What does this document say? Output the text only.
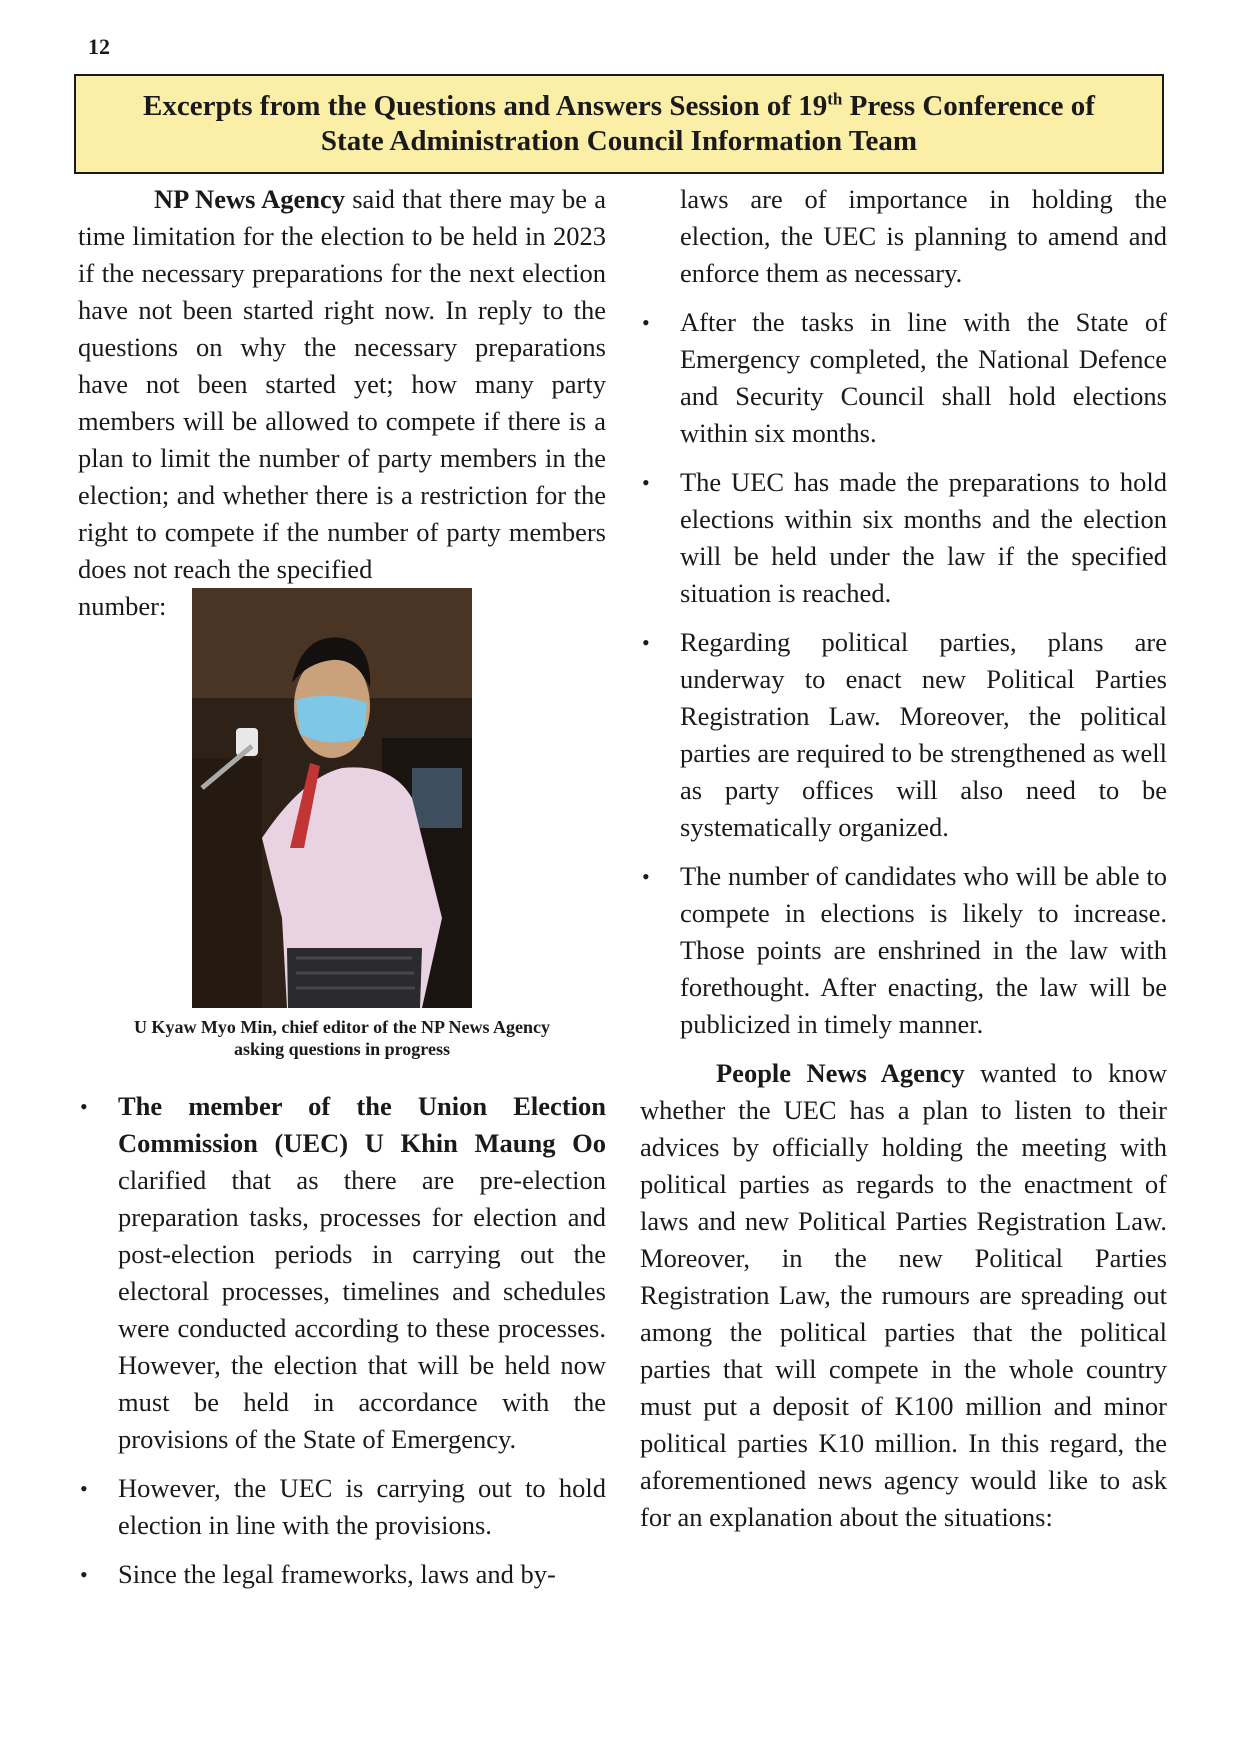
12
Excerpts from the Questions and Answers Session of 19th Press Conference of
State Administration Council Information Team

NP News Agency said that there may be a time limitation for the election to be held in 2023 if the necessary preparations for the next election have not been started right now. In reply to the questions on why the necessary preparations have not been started yet; how many party members will be allowed to compete if there is a plan to limit the number of party members in the election; and whether there is a restriction for the right to compete if the number of party members does not reach the specified

number:
U Kyaw Myo Min, chief editor of the NP News Agency
asking questions in progress
• The member of the Union Election Commission (UEC) U Khin Maung Oo clarified that as there are pre-election preparation tasks, processes for election and post-election periods in carrying out the electoral processes, timelines and schedules were conducted according to these processes. However, the election that will be held now must be held in accordance with the provisions of the State of Emergency.
• However, the UEC is carrying out to hold election in line with the provisions.
• Since the legal frameworks, laws and by-

laws are of importance in holding the election, the UEC is planning to amend and enforce them as necessary.

• After the tasks in line with the State of Emergency completed, the National Defence and Security Council shall hold elections within six months.
• The UEC has made the preparations to hold elections within six months and the election will be held under the law if the specified situation is reached.
• Regarding political parties, plans are underway to enact new Political Parties Registration Law. Moreover, the political parties are required to be strengthened as well as party offices will also need to be systematically organized.
• The number of candidates who will be able to compete in elections is likely to increase. Those points are enshrined in the law with forethought. After enacting, the law will be publicized in timely manner.

People News Agency wanted to know whether the UEC has a plan to listen to their advices by officially holding the meeting with political parties as regards to the enactment of laws and new Political Parties Registration Law. Moreover, in the new Political Parties Registration Law, the rumours are spreading out among the political parties that the political parties that will compete in the whole country must put a deposit of K100 million and minor political parties K10 million. In this regard, the aforementioned news agency would like to ask for an explanation about the situations:
